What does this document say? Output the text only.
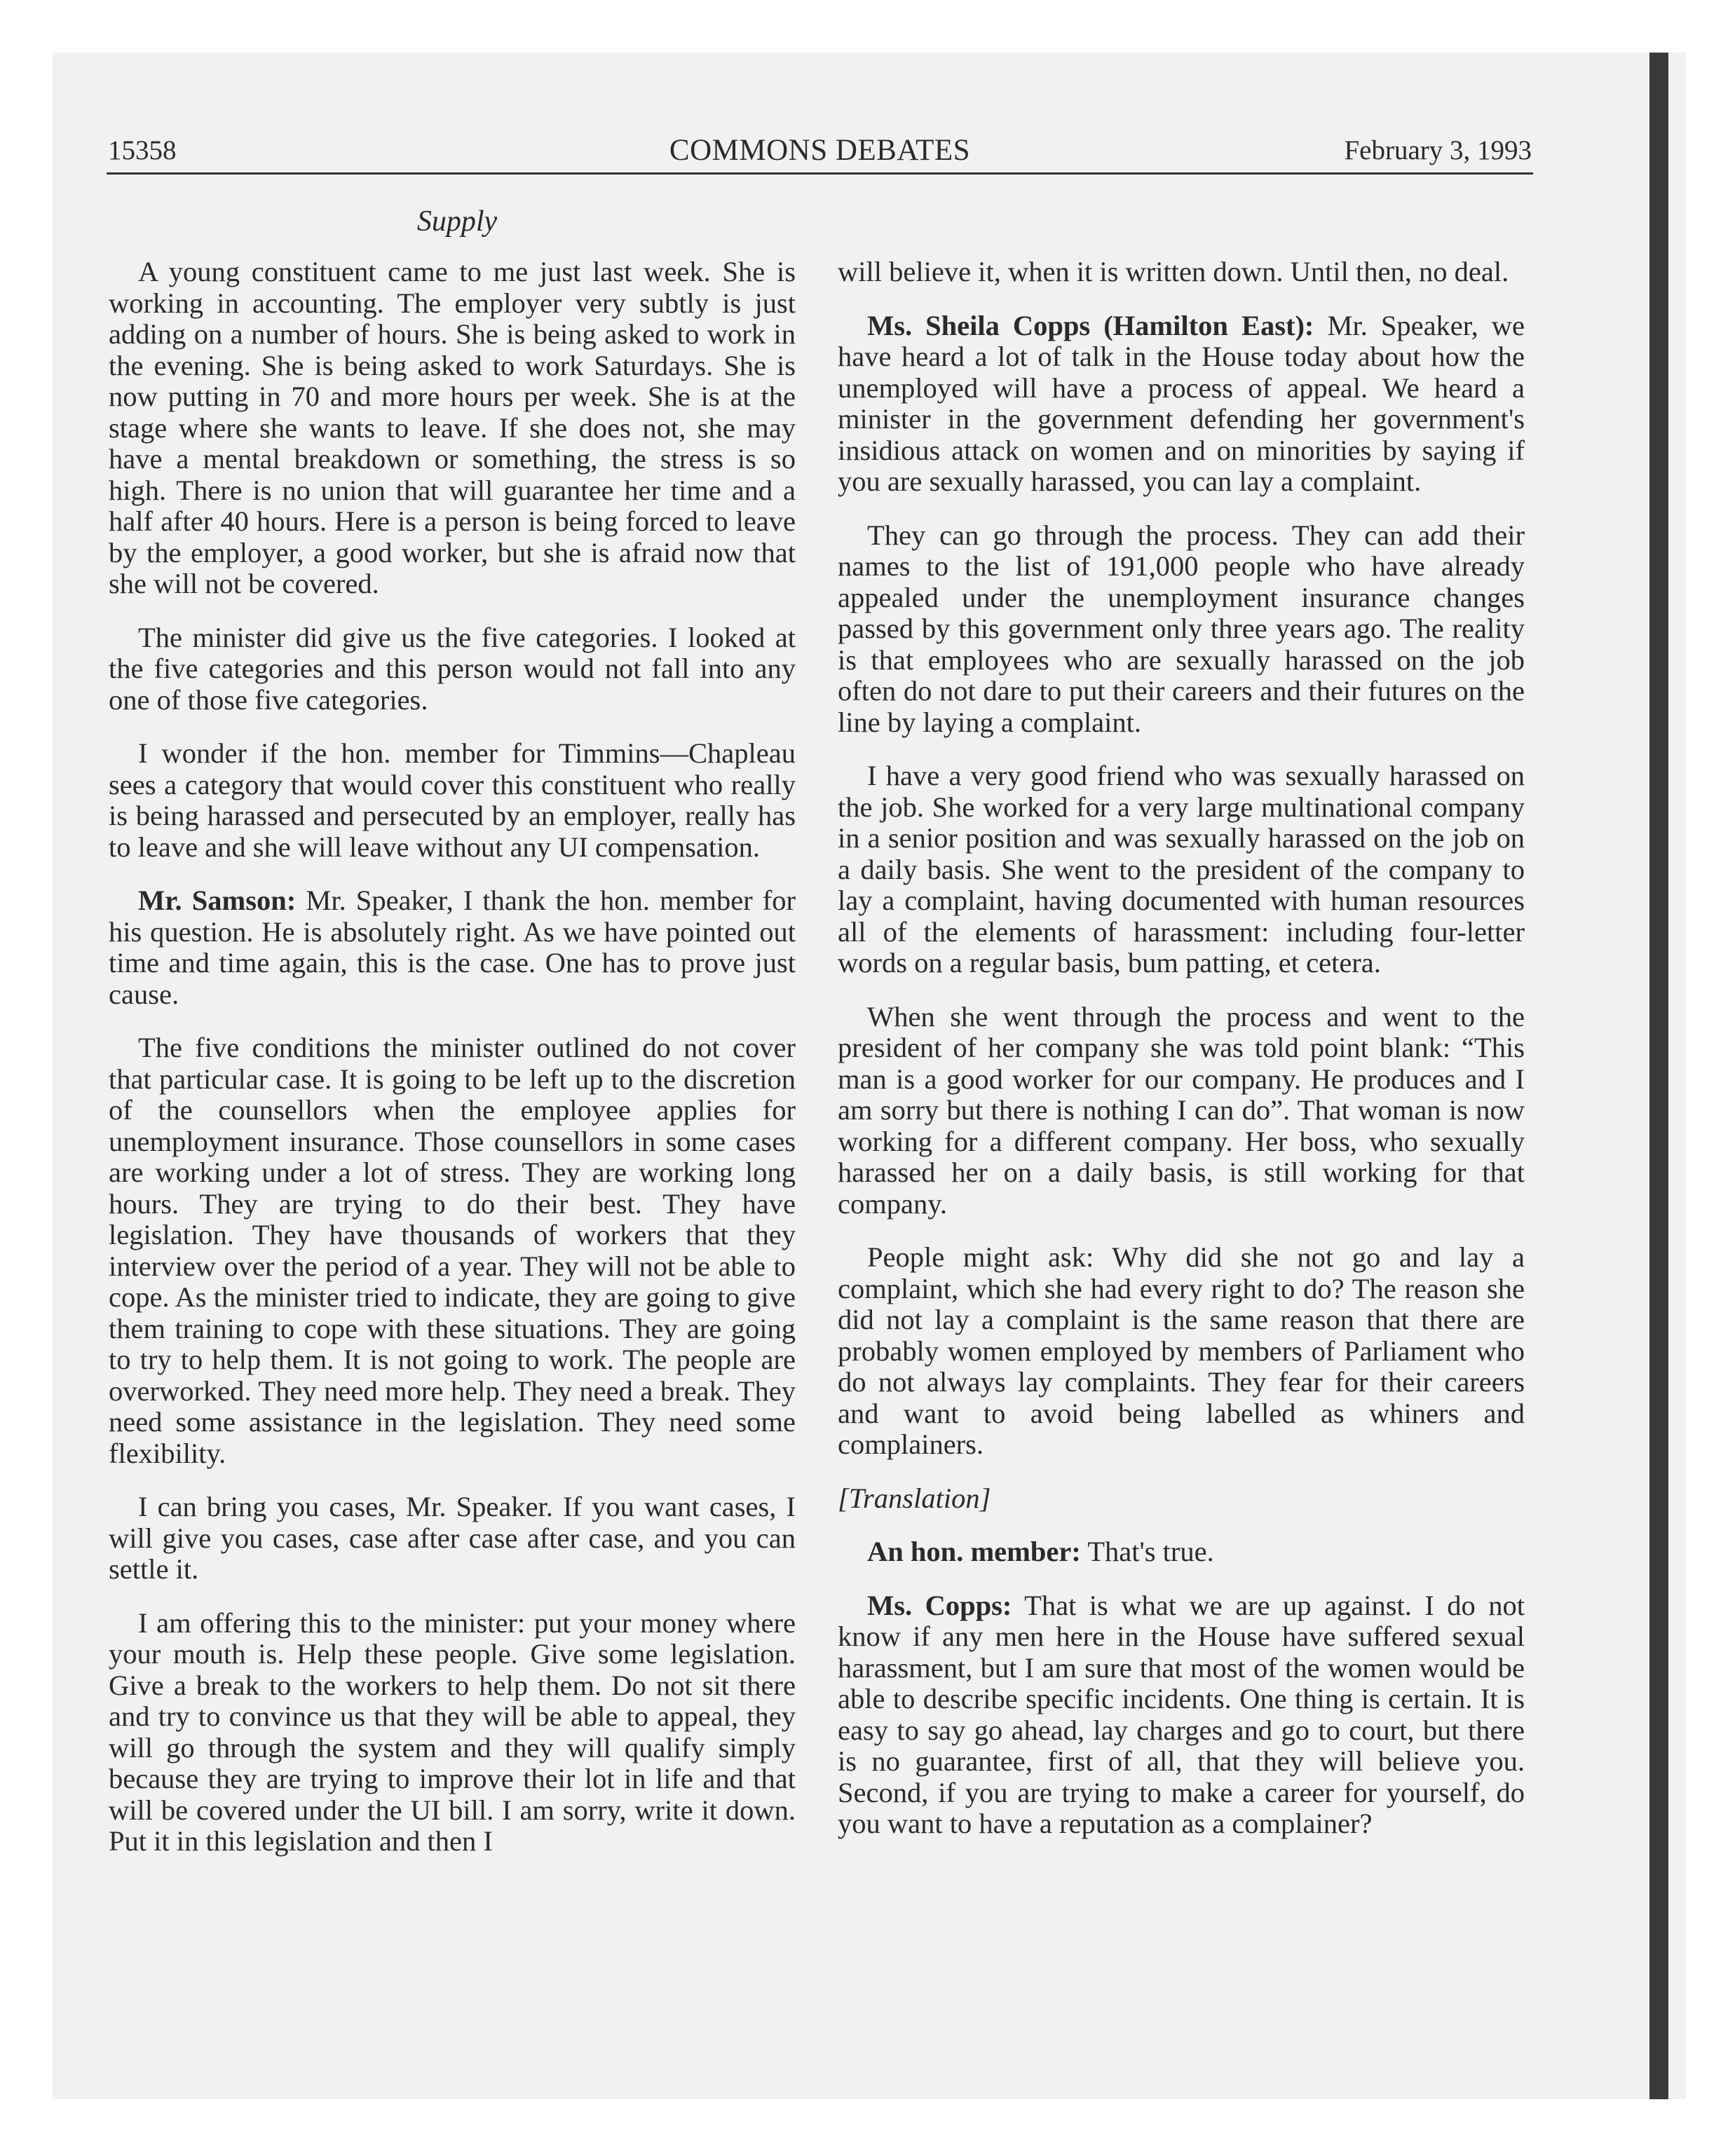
15358	COMMONS DEBATES	February 3, 1993
Supply

A young constituent came to me just last week. She is working in accounting. The employer very subtly is just adding on a number of hours. She is being asked to work in the evening. She is being asked to work Saturdays. She is now putting in 70 and more hours per week. She is at the stage where she wants to leave. If she does not, she may have a mental breakdown or something, the stress is so high. There is no union that will guarantee her time and a half after 40 hours. Here is a person is being forced to leave by the employer, a good worker, but she is afraid now that she will not be covered.

The minister did give us the five categories. I looked at the five categories and this person would not fall into any one of those five categories.

I wonder if the hon. member for Timmins—Chapleau sees a category that would cover this constituent who really is being harassed and persecuted by an employer, really has to leave and she will leave without any UI compensation.

Mr. Samson: Mr. Speaker, I thank the hon. member for his question. He is absolutely right. As we have pointed out time and time again, this is the case. One has to prove just cause.

The five conditions the minister outlined do not cover that particular case. It is going to be left up to the discretion of the counsellors when the employee applies for unemployment insurance. Those counsellors in some cases are working under a lot of stress. They are working long hours. They are trying to do their best. They have legislation. They have thousands of workers that they interview over the period of a year. They will not be able to cope. As the minister tried to indicate, they are going to give them training to cope with these situations. They are going to try to help them. It is not going to work. The people are overworked. They need more help. They need a break. They need some assistance in the legislation. They need some flexibility.

I can bring you cases, Mr. Speaker. If you want cases, I will give you cases, case after case after case, and you can settle it.

I am offering this to the minister: put your money where your mouth is. Help these people. Give some legislation. Give a break to the workers to help them. Do not sit there and try to convince us that they will be able to appeal, they will go through the system and they will qualify simply because they are trying to improve their lot in life and that will be covered under the UI bill. I am sorry, write it down. Put it in this legislation and then I

will believe it, when it is written down. Until then, no deal.

Ms. Sheila Copps (Hamilton East): Mr. Speaker, we have heard a lot of talk in the House today about how the unemployed will have a process of appeal. We heard a minister in the government defending her government's insidious attack on women and on minorities by saying if you are sexually harassed, you can lay a complaint.

They can go through the process. They can add their names to the list of 191,000 people who have already appealed under the unemployment insurance changes passed by this government only three years ago. The reality is that employees who are sexually harassed on the job often do not dare to put their careers and their futures on the line by laying a complaint.

I have a very good friend who was sexually harassed on the job. She worked for a very large multinational company in a senior position and was sexually harassed on the job on a daily basis. She went to the president of the company to lay a complaint, having documented with human resources all of the elements of harassment: including four-letter words on a regular basis, bum patting, et cetera.

When she went through the process and went to the president of her company she was told point blank: “This man is a good worker for our company. He produces and I am sorry but there is nothing I can do”. That woman is now working for a different company. Her boss, who sexually harassed her on a daily basis, is still working for that company.

People might ask: Why did she not go and lay a complaint, which she had every right to do? The reason she did not lay a complaint is the same reason that there are probably women employed by members of Parliament who do not always lay complaints. They fear for their careers and want to avoid being labelled as whiners and complainers.

[Translation]

An hon. member: That's true.

Ms. Copps: That is what we are up against. I do not know if any men here in the House have suffered sexual harassment, but I am sure that most of the women would be able to describe specific incidents. One thing is certain. It is easy to say go ahead, lay charges and go to court, but there is no guarantee, first of all, that they will believe you. Second, if you are trying to make a career for yourself, do you want to have a reputation as a complainer?
